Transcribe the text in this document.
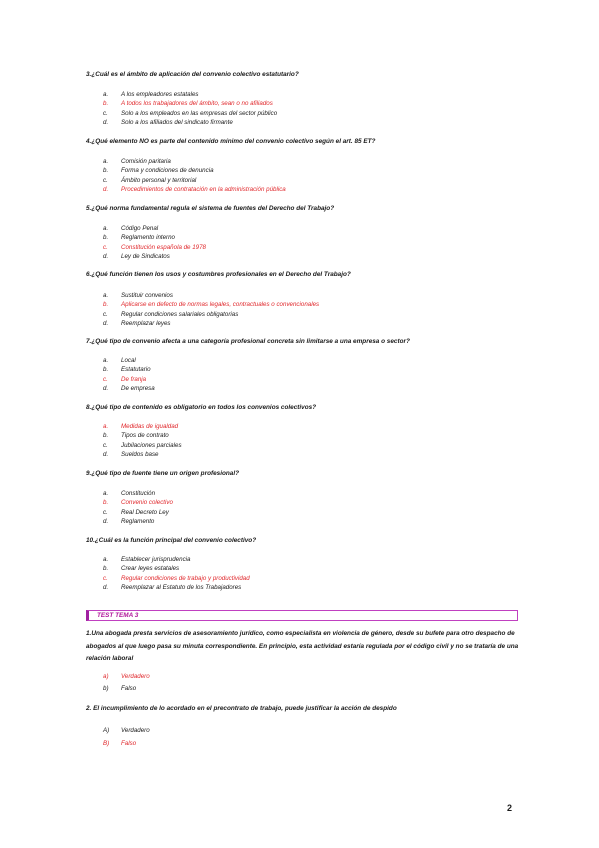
3.¿Cuál es el ámbito de aplicación del convenio colectivo estatutario?
a. A los empleadores estatales
b. A todos los trabajadores del ámbito, sean o no afiliados
c. Solo a los empleados en las empresas del sector público
d. Solo a los afiliados del sindicato firmante
4.¿Qué elemento NO es parte del contenido mínimo del convenio colectivo según el art. 85 ET?
a. Comisión paritaria
b. Forma y condiciones de denuncia
c. Ámbito personal y territorial
d. Procedimientos de contratación en la administración pública
5.¿Qué norma fundamental regula el sistema de fuentes del Derecho del Trabajo?
a. Código Penal
b. Reglamento interno
c. Constitución española de 1978
d. Ley de Sindicatos
6.¿Qué función tienen los usos y costumbres profesionales en el Derecho del Trabajo?
a. Sustituir convenios
b. Aplicarse en defecto de normas legales, contractuales o convencionales
c. Regular condiciones salariales obligatorias
d. Reemplazar leyes
7.¿Qué tipo de convenio afecta a una categoría profesional concreta sin limitarse a una empresa o sector?
a. Local
b. Estatutario
c. De franja
d. De empresa
8.¿Qué tipo de contenido es obligatorio en todos los convenios colectivos?
a. Medidas de igualdad
b. Tipos de contrato
c. Jubilaciones parciales
d. Sueldos base
9.¿Qué tipo de fuente tiene un origen profesional?
a. Constitución
b. Convenio colectivo
c. Real Decreto Ley
d. Reglamento
10.¿Cuál es la función principal del convenio colectivo?
a. Establecer jurisprudencia
b. Crear leyes estatales
c. Regular condiciones de trabajo y productividad
d. Reemplazar al Estatuto de los Trabajadores
TEST TEMA 3
1.Una abogada presta servicios de asesoramiento jurídico, como especialista en violencia de género, desde su bufete para otro despacho de abogados al que luego pasa su minuta correspondiente. En principio, esta actividad estaría regulada por el código civil y no se trataría de una relación laboral
a) Verdadero
b) Falso
2. El incumplimiento de lo acordado en el precontrato de trabajo, puede justificar la acción de despido
A) Verdadero
B) Falso
2
